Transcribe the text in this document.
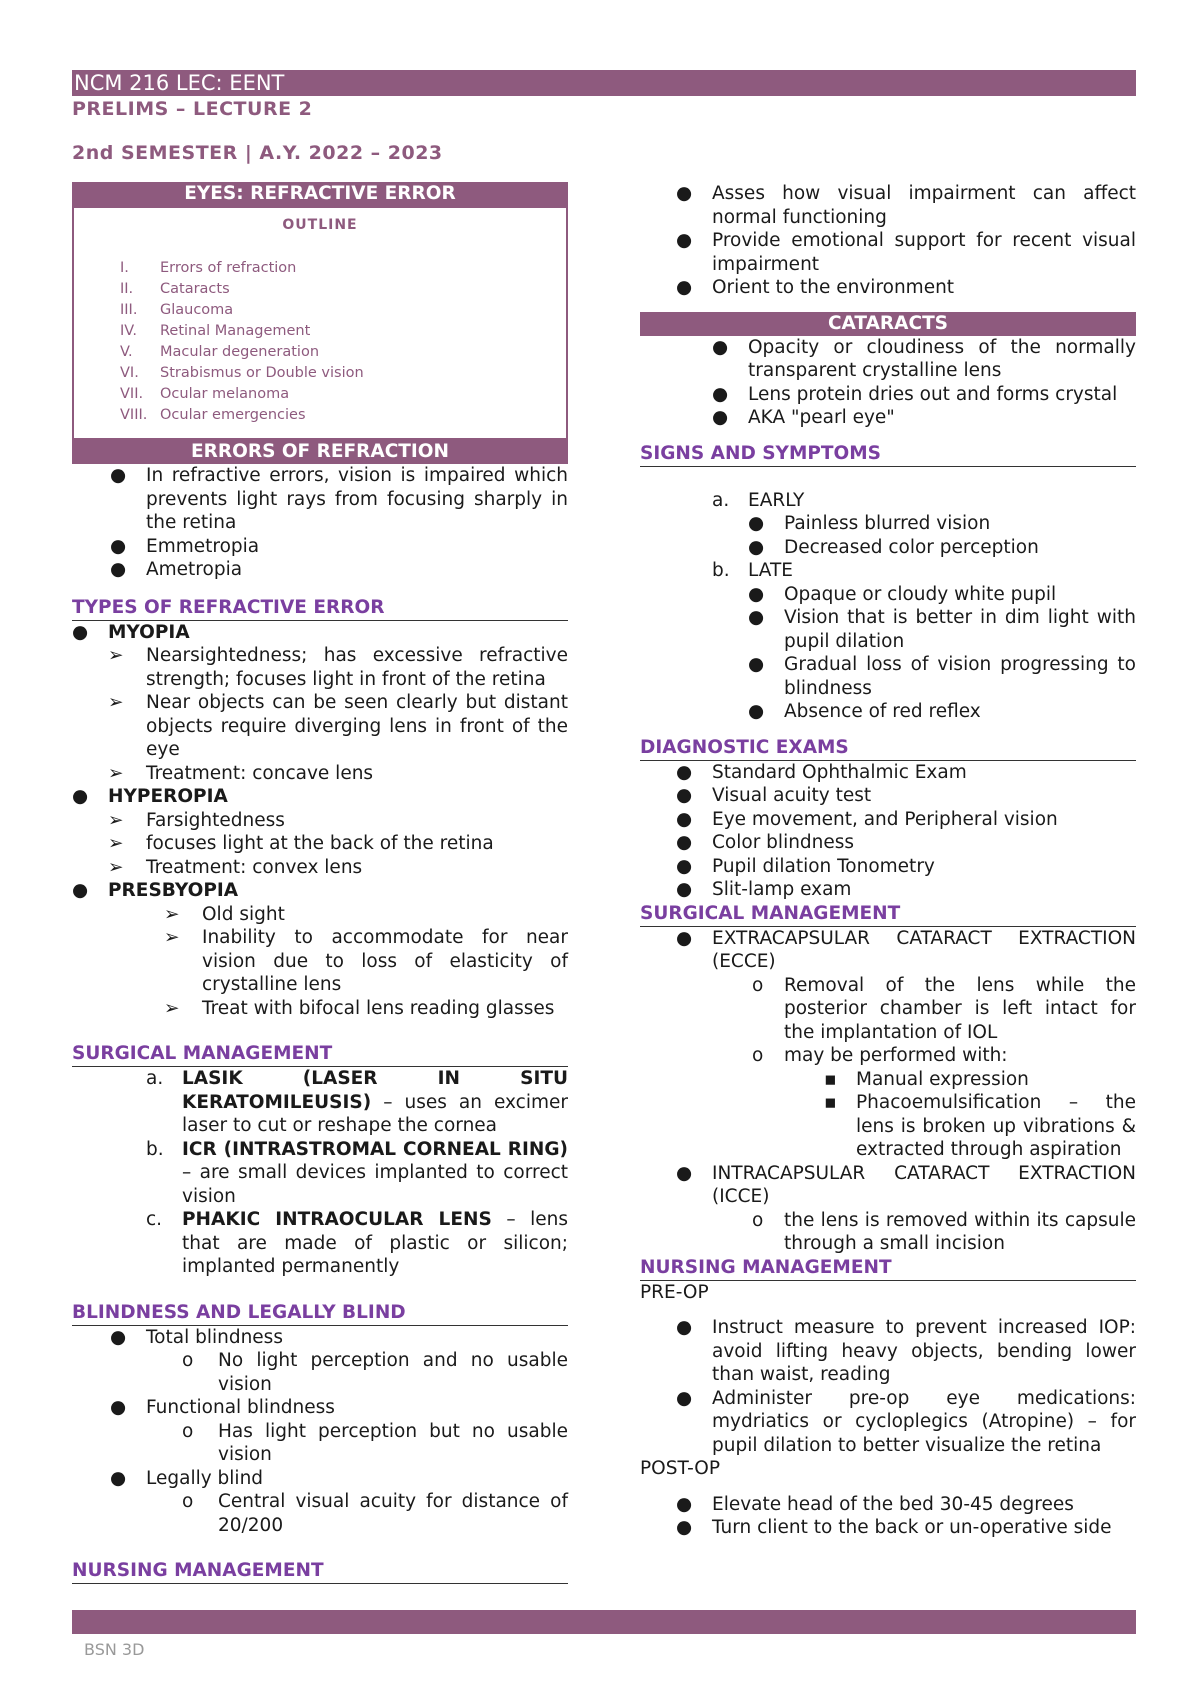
NCM 216 LEC: EENT
PRELIMS – LECTURE 2
2nd SEMESTER | A.Y. 2022 – 2023
EYES: REFRACTIVE ERROR
OUTLINE
I.	Errors of refraction
II.	Cataracts
III.	Glaucoma
IV.	Retinal Management
V.	Macular degeneration
VI.	Strabismus or Double vision
VII.	Ocular melanoma
VIII. Ocular emergencies
ERRORS OF REFRACTION
●	In refractive errors, vision is impaired which prevents light rays from focusing sharply in the retina
●	Emmetropia
●	Ametropia
TYPES OF REFRACTIVE ERROR
●	MYOPIA
➢	Nearsightedness; has excessive refractive strength; focuses light in front of the retina
➢	Near objects can be seen clearly but distant objects require diverging lens in front of the eye
➢	Treatment: concave lens
●	HYPEROPIA
➢	Farsightedness
➢	focuses light at the back of the retina
➢	Treatment: convex lens
●	PRESBYOPIA
➢	Old sight
➢	Inability to accommodate for near vision due to loss of elasticity of crystalline lens
➢	Treat with bifocal lens reading glasses
SURGICAL MANAGEMENT
a.	LASIK (LASER IN SITU KERATOMILEUSIS) – uses an excimer laser to cut or reshape the cornea
b. ICR (INTRASTROMAL CORNEAL RING) – are small devices implanted to correct vision
c.	PHAKIC INTRAOCULAR LENS – lens that are made of plastic or silicon; implanted permanently
BLINDNESS AND LEGALLY BLIND
●	Total blindness
o	No light perception and no usable vision
●	Functional blindness
o	Has light perception but no usable vision
●	Legally blind
o	Central visual acuity for distance of 20/200
NURSING MANAGEMENT
●	Asses how visual impairment can affect normal functioning
●	Provide emotional support for recent visual impairment
●	Orient to the environment
CATARACTS
●	Opacity or cloudiness of the normally transparent crystalline lens
●	Lens protein dries out and forms crystal
●	AKA "pearl eye"
SIGNS AND SYMPTOMS
a.	EARLY
●	Painless blurred vision
●	Decreased color perception
b. LATE
●	Opaque or cloudy white pupil
●	Vision that is better in dim light with pupil dilation
●	Gradual loss of vision progressing to blindness
●	Absence of red reflex
DIAGNOSTIC EXAMS
●	Standard Ophthalmic Exam
●	Visual acuity test
●	Eye movement, and Peripheral vision
●	Color blindness
●	Pupil dilation Tonometry
●	Slit-lamp exam
SURGICAL MANAGEMENT
●	EXTRACAPSULAR CATARACT EXTRACTION (ECCE)
o	Removal of the lens while the posterior chamber is left intact for the implantation of IOL
o	may be performed with:
▪	Manual expression
▪	Phacoemulsification – the lens is broken up vibrations & extracted through aspiration
●	INTRACAPSULAR CATARACT EXTRACTION (ICCE)
o	the lens is removed within its capsule through a small incision
NURSING MANAGEMENT
PRE-OP
●	Instruct measure to prevent increased IOP: avoid lifting heavy objects, bending lower than waist, reading
●	Administer pre-op eye medications: mydriatics or cycloplegics (Atropine) – for pupil dilation to better visualize the retina
POST-OP
●	Elevate head of the bed 30-45 degrees
●	Turn client to the back or un-operative side
BSN 3D
